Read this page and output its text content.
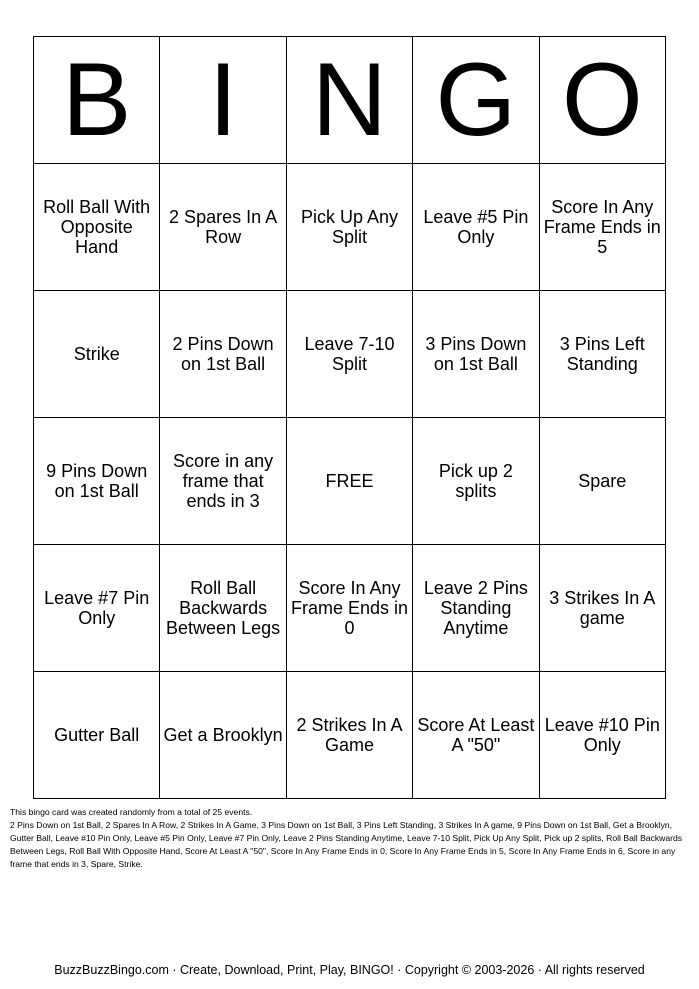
B	I	N	G	O
Roll Ball With Opposite Hand	2 Spares In A Row	Pick Up Any Split	Leave #5 Pin Only	Score In Any Frame Ends in 5
Strike	2 Pins Down on 1st Ball	Leave 7-10 Split	3 Pins Down on 1st Ball	3 Pins Left Standing
9 Pins Down on 1st Ball	Score in any frame that ends in 3	FREE	Pick up 2 splits	Spare
Leave #7 Pin Only	Roll Ball Backwards Between Legs	Score In Any Frame Ends in 0	Leave 2 Pins Standing Anytime	3 Strikes In A game
Gutter Ball	Get a Brooklyn	2 Strikes In A Game	Score At Least A "50"	Leave #10 Pin Only
This bingo card was created randomly from a total of 25 events.
2 Pins Down on 1st Ball, 2 Spares In A Row, 2 Strikes In A Game, 3 Pins Down on 1st Ball, 3 Pins Left Standing, 3 Strikes In A game, 9 Pins Down on 1st Ball, Get a Brooklyn, Gutter Ball, Leave #10 Pin Only, Leave #5 Pin Only, Leave #7 Pin Only, Leave 2 Pins Standing Anytime, Leave 7-10 Split, Pick Up Any Split, Pick up 2 splits, Roll Ball Backwards Between Legs, Roll Ball With Opposite Hand, Score At Least A "50", Score In Any Frame Ends in 0, Score In Any Frame Ends in 5, Score In Any Frame Ends in 6, Score in any frame that ends in 3, Spare, Strike.
BuzzBuzzBingo.com · Create, Download, Print, Play, BINGO! · Copyright © 2003-2026 · All rights reserved
